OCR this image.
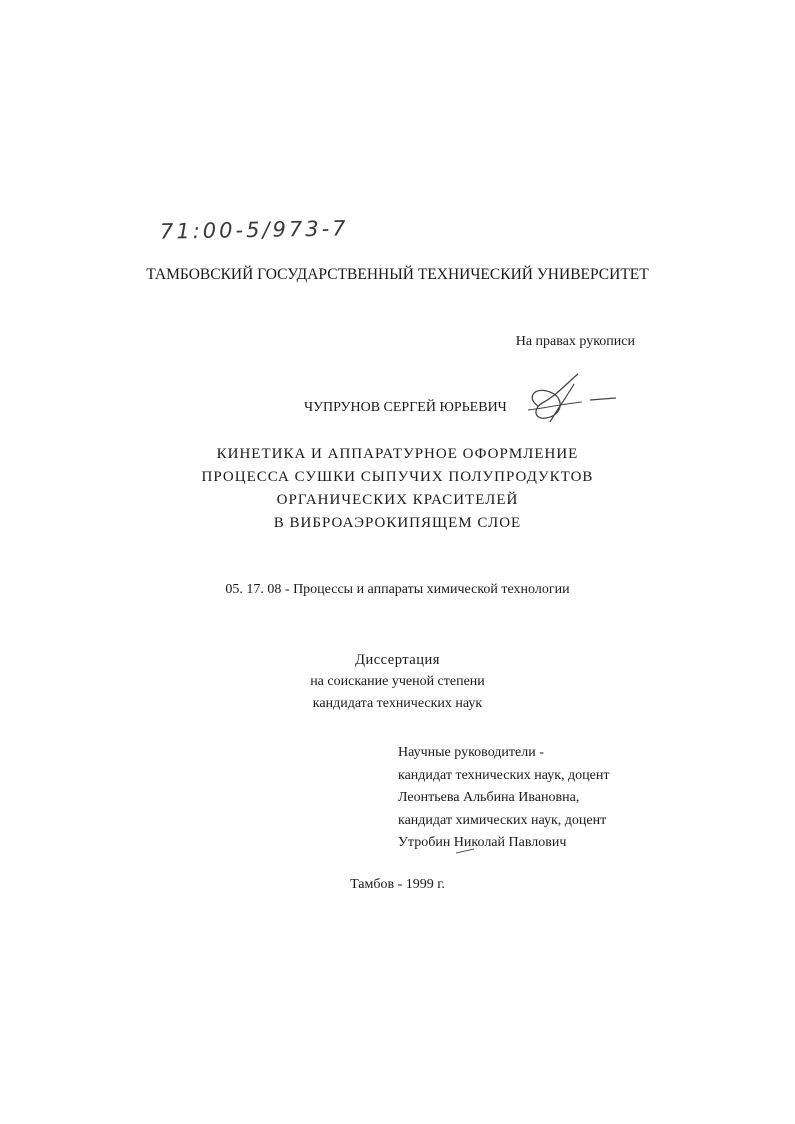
71:00-5/973-7
ТАМБОВСКИЙ ГОСУДАРСТВЕННЫЙ ТЕХНИЧЕСКИЙ УНИВЕРСИТЕТ
На правах рукописи
ЧУПРУНОВ СЕРГЕЙ ЮРЬЕВИЧ
КИНЕТИКА И АППАРАТУРНОЕ ОФОРМЛЕНИЕ
ПРОЦЕССА СУШКИ СЫПУЧИХ ПОЛУПРОДУКТОВ
ОРГАНИЧЕСКИХ КРАСИТЕЛЕЙ
В ВИБРОАЭРОКИПЯЩЕМ СЛОЕ
05. 17. 08 - Процессы и аппараты химической технологии
Диссертация
на соискание ученой степени
кандидата технических наук
Научные руководители -
кандидат технических наук, доцент
Леонтьева Альбина Ивановна,
кандидат химических наук, доцент
Утробин Николай Павлович
Тамбов - 1999 г.
